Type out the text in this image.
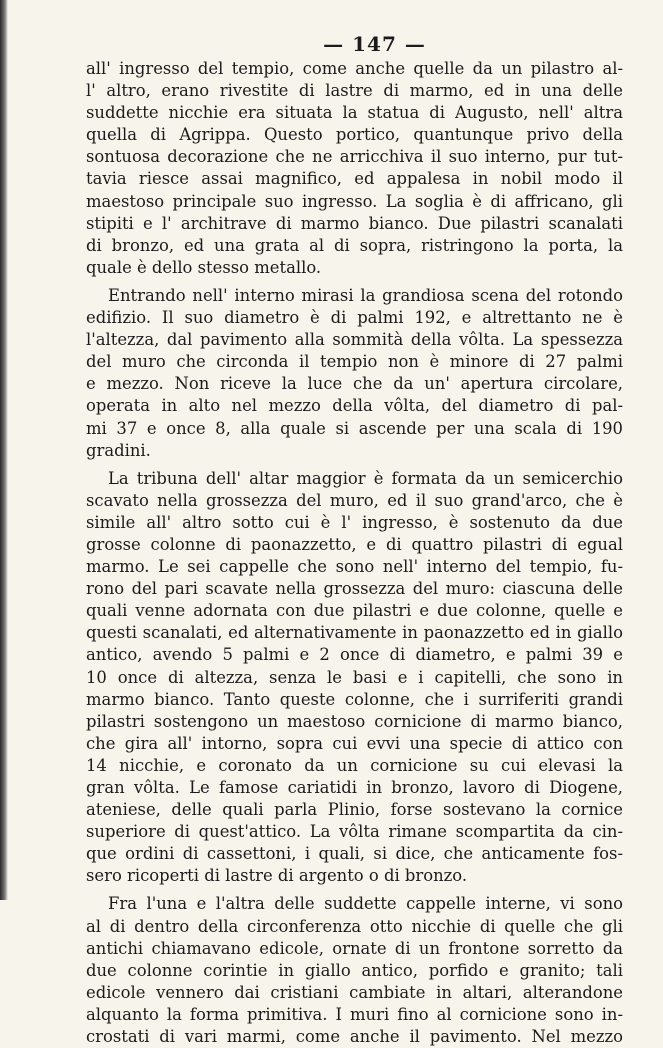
— 147 —
all' ingresso del tempio, come anche quelle da un pilastro al-
l' altro, erano rivestite di lastre di marmo, ed in una delle
suddette nicchie era situata la statua di Augusto, nell' altra
quella di Agrippa. Questo portico, quantunque privo della
sontuosa decorazione che ne arricchiva il suo interno, pur tut-
tavia riesce assai magnifico, ed appalesa in nobil modo il
maestoso principale suo ingresso. La soglia è di affricano, gli
stipiti e l' architrave di marmo bianco. Due pilastri scanalati
di bronzo, ed una grata al di sopra, ristringono la porta, la
quale è dello stesso metallo.
Entrando nell' interno mirasi la grandiosa scena del rotondo
edifizio. Il suo diametro è di palmi 192, e altrettanto ne è
l'altezza, dal pavimento alla sommità della vôlta. La spessezza
del muro che circonda il tempio non è minore di 27 palmi
e mezzo. Non riceve la luce che da un' apertura circolare,
operata in alto nel mezzo della vôlta, del diametro di pal-
mi 37 e once 8, alla quale si ascende per una scala di 190
gradini.
La tribuna dell' altar maggior è formata da un semicerchio
scavato nella grossezza del muro, ed il suo grand'arco, che è
simile all' altro sotto cui è l' ingresso, è sostenuto da due
grosse colonne di paonazzetto, e di quattro pilastri di egual
marmo. Le sei cappelle che sono nell' interno del tempio, fu-
rono del pari scavate nella grossezza del muro: ciascuna delle
quali venne adornata con due pilastri e due colonne, quelle e
questi scanalati, ed alternativamente in paonazzetto ed in giallo
antico, avendo 5 palmi e 2 once di diametro, e palmi 39 e
10 once di altezza, senza le basi e i capitelli, che sono in
marmo bianco. Tanto queste colonne, che i surriferiti grandi
pilastri sostengono un maestoso cornicione di marmo bianco,
che gira all' intorno, sopra cui evvi una specie di attico con
14 nicchie, e coronato da un cornicione su cui elevasi la
gran vôlta. Le famose cariatidi in bronzo, lavoro di Diogene,
ateniese, delle quali parla Plinio, forse sostevano la cornice
superiore di quest'attico. La vôlta rimane scompartita da cin-
que ordini di cassettoni, i quali, si dice, che anticamente fos-
sero ricoperti di lastre di argento o di bronzo.
Fra l'una e l'altra delle suddette cappelle interne, vi sono
al di dentro della circonferenza otto nicchie di quelle che gli
antichi chiamavano edicole, ornate di un frontone sorretto da
due colonne corintie in giallo antico, porfido e granito; tali
edicole vennero dai cristiani cambiate in altari, alterandone
alquanto la forma primitiva. I muri fino al cornicione sono in-
crostati di vari marmi, come anche il pavimento. Nel mezzo
